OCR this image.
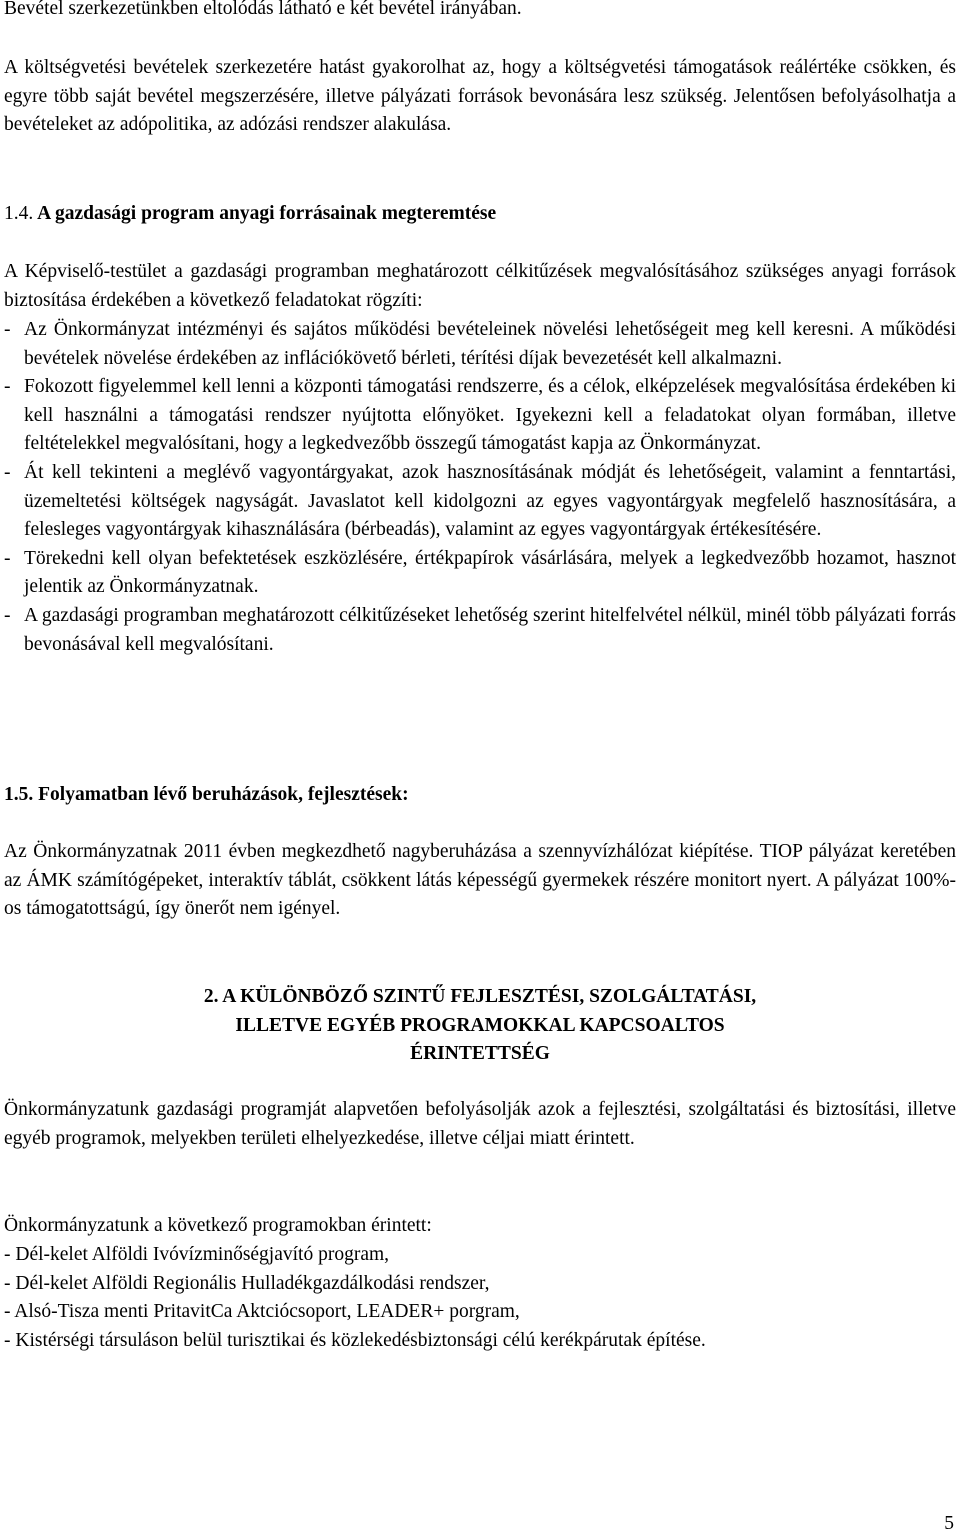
Bevétel szerkezetünkben eltolódás látható e két bevétel irányában.

A költségvetési bevételek szerkezetére hatást gyakorolhat az, hogy a költségvetési támogatások reálértéke csökken, és egyre több saját bevétel megszerzésére, illetve pályázati források bevonására lesz szükség. Jelentősen befolyásolhatja a bevételeket az adópolitika, az adózási rendszer alakulása.

1.4. A gazdasági program anyagi forrásainak megteremtése

A Képviselő-testület a gazdasági programban meghatározott célkitűzések megvalósításához szükséges anyagi források biztosítása érdekében a következő feladatokat rögzíti:

- Az Önkormányzat intézményi és sajátos működési bevételeinek növelési lehetőségeit meg kell keresni. A működési bevételek növelése érdekében az inflációkövető bérleti, térítési díjak bevezetését kell alkalmazni.
- Fokozott figyelemmel kell lenni a központi támogatási rendszerre, és a célok, elképzelések megvalósítása érdekében ki kell használni a támogatási rendszer nyújtotta előnyöket. Igyekezni kell a feladatokat olyan formában, illetve feltételekkel megvalósítani, hogy a legkedvezőbb összegű támogatást kapja az Önkormányzat.
- Át kell tekinteni a meglévő vagyontárgyakat, azok hasznosításának módját és lehetőségeit, valamint a fenntartási, üzemeltetési költségek nagyságát. Javaslatot kell kidolgozni az egyes vagyontárgyak megfelelő hasznosítására, a felesleges vagyontárgyak kihasználására (bérbeadás), valamint az egyes vagyontárgyak értékesítésére.
- Törekedni kell olyan befektetések eszközlésére, értékpapírok vásárlására, melyek a legkedvezőbb hozamot, hasznot jelentik az Önkormányzatnak.
- A gazdasági programban meghatározott célkitűzéseket lehetőség szerint hitelfelvétel nélkül, minél több pályázati forrás bevonásával kell megvalósítani.
1.5. Folyamatban lévő beruházások, fejlesztések:

Az Önkormányzatnak 2011 évben megkezdhető nagyberuházása a szennyvízhálózat kiépítése. TIOP pályázat keretében az ÁMK számítógépeket, interaktív táblát, csökkent látás képességű gyermekek részére monitort nyert. A pályázat 100%-os támogatottságú, így önerőt nem igényel.

2. A KÜLÖNBÖZŐ SZINTŰ FEJLESZTÉSI, SZOLGÁLTATÁSI,

ILLETVE EGYÉB PROGRAMOKKAL KAPCSOALTOS

ÉRINTETTSÉG

Önkormányzatunk gazdasági programját alapvetően befolyásolják azok a fejlesztési, szolgáltatási és biztosítási, illetve egyéb programok, melyekben területi elhelyezkedése, illetve céljai miatt érintett.

Önkormányzatunk a következő programokban érintett:

- Dél-kelet Alföldi Ivóvízminőségjavító program,
- Dél-kelet Alföldi Regionális Hulladékgazdálkodási rendszer,
- Alsó-Tisza menti PritavitCa Aktciócsoport, LEADER+ porgram,
- Kistérségi társuláson belül turisztikai és közlekedésbiztonsági célú kerékpárutak építése.
5
